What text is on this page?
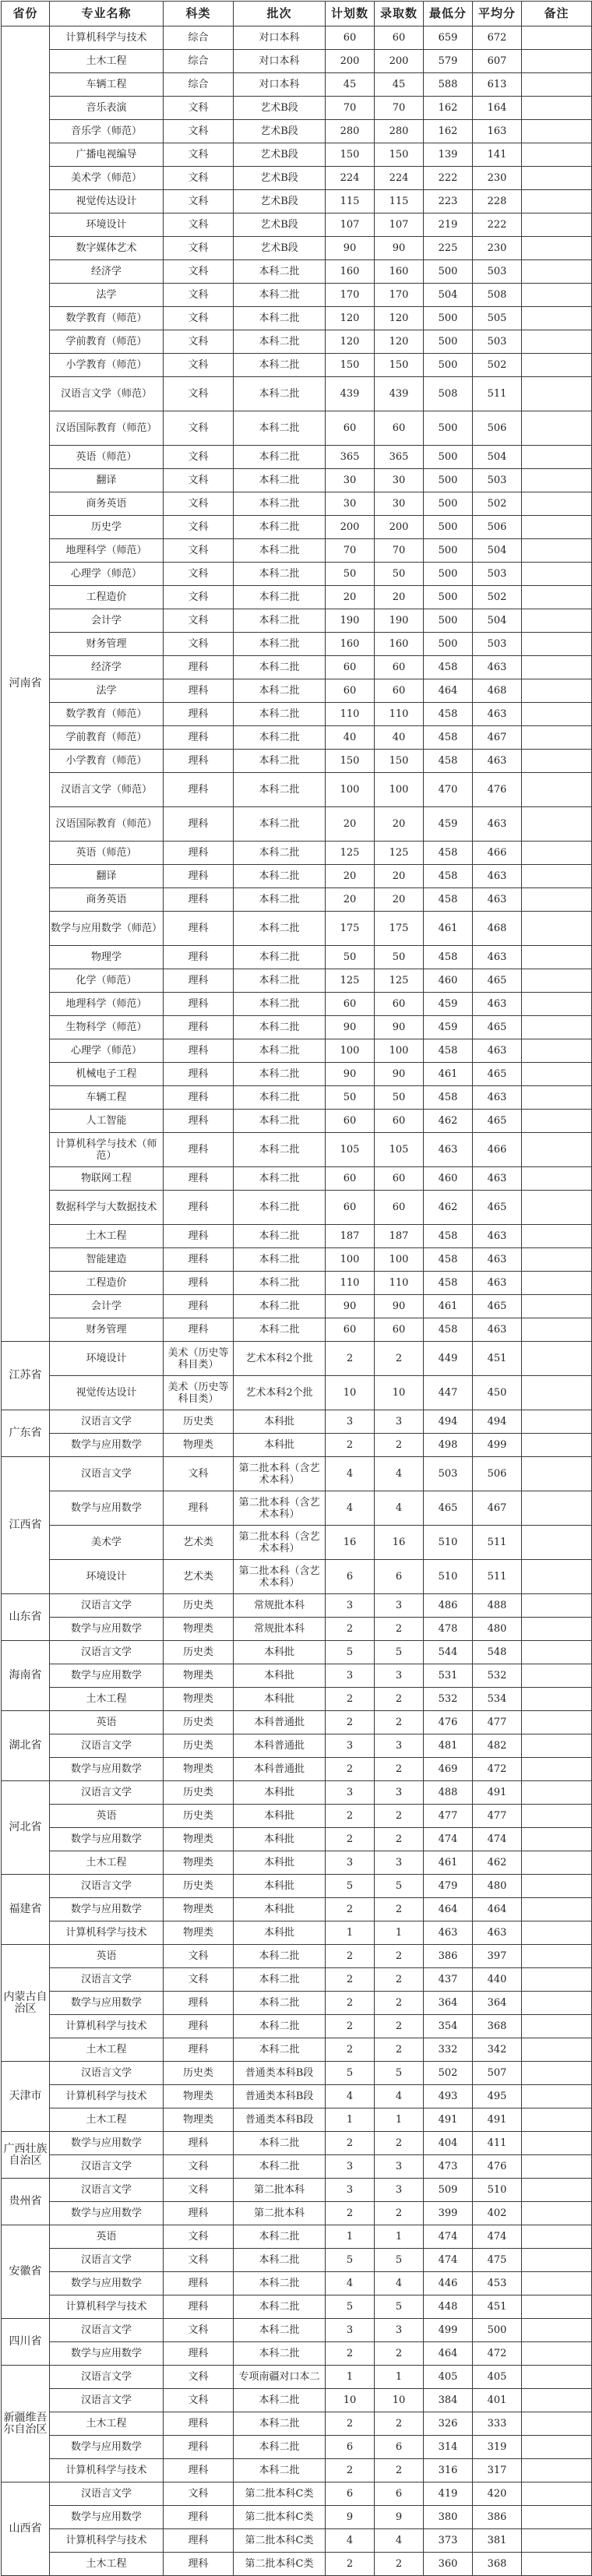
省份	专业名称	科类	批次	计划数	录取数	最低分	平均分	备注
河南省	计算机科学与技术	综合	对口本科	60	60	659	672	
	土木工程	综合	对口本科	200	200	579	607	
	车辆工程	综合	对口本科	45	45	588	613	
	音乐表演	文科	艺术B段	70	70	162	164	
	音乐学（师范）	文科	艺术B段	280	280	162	163	
	广播电视编导	文科	艺术B段	150	150	139	141	
	美术学（师范）	文科	艺术B段	224	224	222	230	
	视觉传达设计	文科	艺术B段	115	115	223	228	
	环境设计	文科	艺术B段	107	107	219	222	
	数字媒体艺术	文科	艺术B段	90	90	225	230	
	经济学	文科	本科二批	160	160	500	503	
	法学	文科	本科二批	170	170	504	508	
	数学教育（师范）	文科	本科二批	120	120	500	505	
	学前教育（师范）	文科	本科二批	120	120	500	503	
	小学教育（师范）	文科	本科二批	150	150	500	502	
	汉语言文学（师范）	文科	本科二批	439	439	508	511	
	汉语国际教育（师范）	文科	本科二批	60	60	500	506	
	英语（师范）	文科	本科二批	365	365	500	504	
	翻译	文科	本科二批	30	30	500	503	
	商务英语	文科	本科二批	30	30	500	502	
	历史学	文科	本科二批	200	200	500	506	
	地理科学（师范）	文科	本科二批	70	70	500	504	
	心理学（师范）	文科	本科二批	50	50	500	503	
	工程造价	文科	本科二批	20	20	500	502	
	会计学	文科	本科二批	190	190	500	504	
	财务管理	文科	本科二批	160	160	500	503	
	经济学	理科	本科二批	60	60	458	463	
	法学	理科	本科二批	60	60	464	468	
	数学教育（师范）	理科	本科二批	110	110	458	463	
	学前教育（师范）	理科	本科二批	40	40	458	467	
	小学教育（师范）	理科	本科二批	150	150	458	463	
	汉语言文学（师范）	理科	本科二批	100	100	470	476	
	汉语国际教育（师范）	理科	本科二批	20	20	459	463	
	英语（师范）	理科	本科二批	125	125	458	466	
	翻译	理科	本科二批	20	20	458	463	
	商务英语	理科	本科二批	20	20	458	463	
	数学与应用数学（师范）	理科	本科二批	175	175	461	468	
	物理学	理科	本科二批	50	50	458	463	
	化学（师范）	理科	本科二批	125	125	460	465	
	地理科学（师范）	理科	本科二批	60	60	459	463	
	生物科学（师范）	理科	本科二批	90	90	459	465	
	心理学（师范）	理科	本科二批	100	100	458	463	
	机械电子工程	理科	本科二批	90	90	461	465	
	车辆工程	理科	本科二批	50	50	458	463	
	人工智能	理科	本科二批	60	60	462	465	
	计算机科学与技术（师范）	理科	本科二批	105	105	463	466	
	物联网工程	理科	本科二批	60	60	460	463	
	数据科学与大数据技术	理科	本科二批	60	60	462	465	
	土木工程	理科	本科二批	187	187	458	463	
	智能建造	理科	本科二批	100	100	458	463	
	工程造价	理科	本科二批	110	110	458	463	
	会计学	理科	本科二批	90	90	461	465	
	财务管理	理科	本科二批	60	60	458	463	
江苏省	环境设计	美术（历史等科目类）	艺术本科2个批	2	2	449	451	
	视觉传达设计	美术（历史等科目类）	艺术本科2个批	10	10	447	450	
广东省	汉语言文学	历史类	本科批	3	3	494	494	
	数学与应用数学	物理类	本科批	2	2	498	499	
江西省	汉语言文学	文科	第二批本科（含艺术本科）	4	4	503	506	
	数学与应用数学	理科	第二批本科（含艺术本科）	4	4	465	467	
	美术学	艺术类	第二批本科（含艺术本科）	16	16	510	511	
	环境设计	艺术类	第二批本科（含艺术本科）	6	6	510	511	
山东省	汉语言文学	历史类	常规批本科	3	3	486	488	
	数学与应用数学	物理类	常规批本科	2	2	478	480	
海南省	汉语言文学	历史类	本科批	5	5	544	548	
	数学与应用数学	物理类	本科批	3	3	531	532	
	土木工程	物理类	本科批	2	2	532	534	
湖北省	英语	历史类	本科普通批	2	2	476	477	
	汉语言文学	历史类	本科普通批	3	3	481	482	
	数学与应用数学	物理类	本科普通批	2	2	469	472	
河北省	汉语言文学	历史类	本科批	3	3	488	491	
	英语	历史类	本科批	2	2	477	477	
	数学与应用数学	物理类	本科批	2	2	474	474	
	土木工程	物理类	本科批	3	3	461	462	
福建省	汉语言文学	历史类	本科批	5	5	479	480	
	数学与应用数学	物理类	本科批	2	2	464	464	
	计算机科学与技术	物理类	本科批	1	1	463	463	
内蒙古自治区	英语	文科	本科二批	2	2	386	397	
	汉语言文学	文科	本科二批	2	2	437	440	
	数学与应用数学	理科	本科二批	2	2	364	364	
	计算机科学与技术	理科	本科二批	2	2	354	368	
	土木工程	理科	本科二批	2	2	332	342	
天津市	汉语言文学	历史类	普通类本科B段	5	5	502	507	
	计算机科学与技术	物理类	普通类本科B段	4	4	493	495	
	土木工程	物理类	普通类本科B段	1	1	491	491	
广西壮族自治区	数学与应用数学	理科	本科二批	2	2	404	411	
	汉语言文学	文科	本科二批	3	3	473	476	
贵州省	汉语言文学	文科	第二批本科	3	3	509	510	
	数学与应用数学	理科	第二批本科	2	2	399	402	
安徽省	英语	文科	本科二批	1	1	474	474	
	汉语言文学	文科	本科二批	5	5	474	475	
	数学与应用数学	理科	本科二批	4	4	446	453	
	计算机科学与技术	理科	本科二批	5	5	448	451	
四川省	汉语言文学	文科	本科二批	3	3	499	500	
	数学与应用数学	理科	本科二批	2	2	464	472	
新疆维吾尔自治区	汉语言文学	文科	专项南疆对口本二	1	1	405	405	
	汉语言文学	文科	本科二批	10	10	384	401	
	土木工程	理科	本科二批	2	2	326	333	
	数学与应用数学	理科	本科二批	6	6	314	319	
	计算机科学与技术	理科	本科二批	2	2	316	317	
山西省	汉语言文学	文科	第二批本科C类	6	6	419	420	
	数学与应用数学	理科	第二批本科C类	9	9	380	386	
	计算机科学与技术	理科	第二批本科C类	4	4	373	381	
	土木工程	理科	第二批本科C类	2	2	360	368	
